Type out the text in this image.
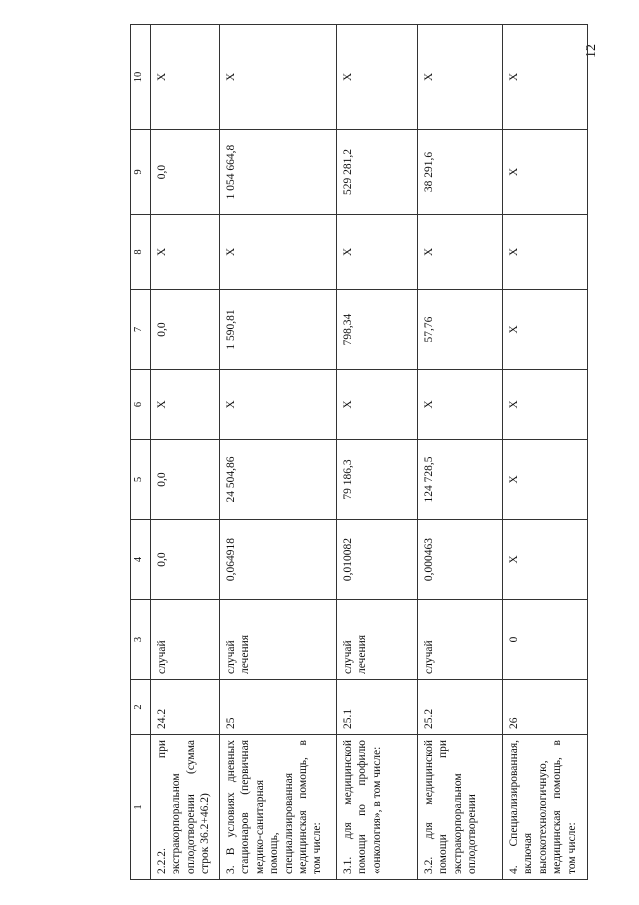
12
1	2	3	4	5	6	7	8	9	10
2.2.2. при экстракорпоральном оплодотворении (сумма строк 36.2+46.2)	24.2	случай	0,0	0,0	Х	0,0	Х	0,0	Х
3. В условиях дневных стационаров (первичная медико-санитарная помощь, специализированная медицинская помощь, в том числе:	25	случай лечения	0,064918	24 504,86	Х	1 590,81	Х	1 054 664,8	Х
3.1. для медицинской помощи по профилю «онкология», в том числе:	25.1	случай лечения	0,010082	79 186,3	Х	798,34	Х	529 281,2	Х
3.2. для медицинской помощи при экстракорпоральном оплодотворении	25.2	случай	0,000463	124 728,5	Х	57,76	Х	38 291,6	Х
4. Специализированная, включая высокотехнологичную, медицинская помощь, в том числе:	26	0	Х	Х	Х	Х	Х	Х	Х
